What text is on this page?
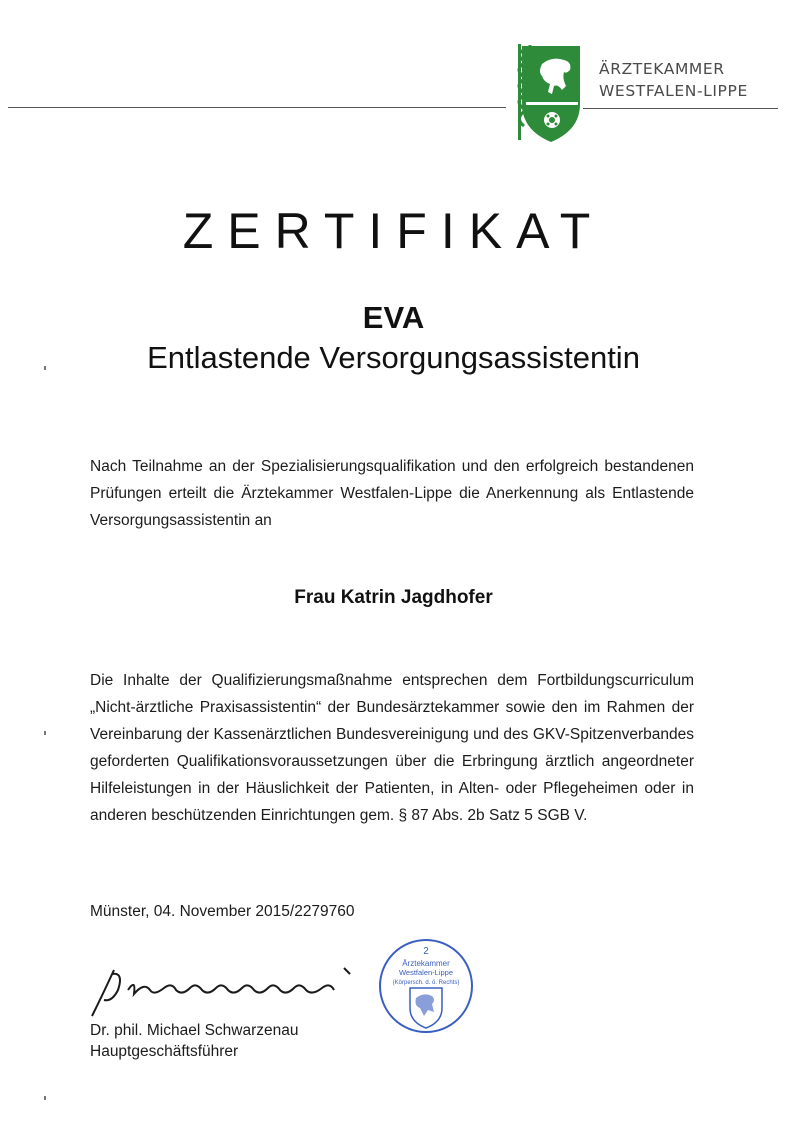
ÄRZTEKAMMER
WESTFALEN-LIPPE
ZERTIFIKAT
EVA
Entlastende Versorgungsassistentin
Nach Teilnahme an der Spezialisierungsqualifikation und den erfolgreich bestandenen Prüfungen erteilt die Ärztekammer Westfalen-Lippe die Anerkennung als Entlastende Versorgungsassistentin an
Frau Katrin Jagdhofer
Die Inhalte der Qualifizierungsmaßnahme entsprechen dem Fortbildungscurriculum „Nicht-ärztliche Praxisassistentin“ der Bundesärztekammer sowie den im Rahmen der Vereinbarung der Kassenärztlichen Bundesvereinigung und des GKV-Spitzenverbandes geforderten Qualifikationsvoraussetzungen über die Erbringung ärztlich angeordneter Hilfeleistungen in der Häuslichkeit der Patienten, in Alten- oder Pflegeheimen oder in anderen beschützenden Einrichtungen gem. § 87 Abs. 2b Satz 5 SGB V.
Münster, 04. November 2015/2279760
Dr. phil. Michael Schwarzenau
Hauptgeschäftsführer
2
Ärztekammer
Westfalen-Lippe
(Körpersch. d. ö. Rechts)
